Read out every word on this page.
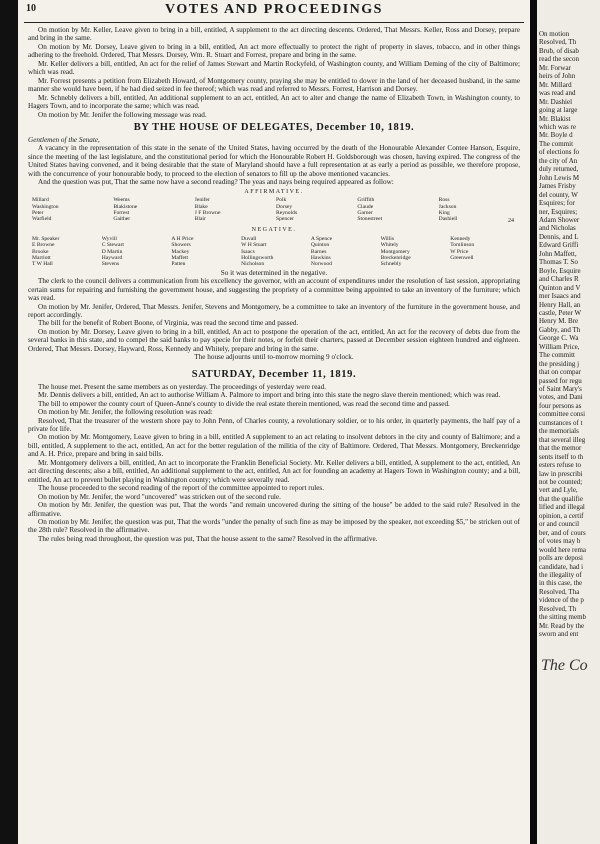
10	VOTES AND PROCEEDINGS

On motion by Mr. Keller, Leave given to bring in a bill, entitled, A supplement to the act directing descents. Ordered, That Messrs. Keller, Ross and Dorsey, prepare and bring in the same.

On motion by Mr. Dorsey, Leave given to bring in a bill, entitled, An act more effectually to protect the right of property in slaves, tobacco, and in other things adhering to the freehold. Ordered, That Messrs. Dorsey, Wm. R. Stuart and Forrest, prepare and bring in the same.

Mr. Keller delivers a bill, entitled, An act for the relief of James Stewart and Martin Rockyfeld, of Washington county, and William Deming of the city of Baltimore; which was read.

Mr. Forrest presents a petition from Elizabeth Howard, of Montgomery county, praying she may be entitled to dower in the land of her deceased husband, in the same manner she would have been, if he had died seized in fee thereof; which was read and referred to Messrs. Forrest, Harrison and Dorsey.

Mr. Schnebly delivers a bill, entitled, An additional supplement to an act, entitled, An act to alter and change the name of Elizabeth Town, in Washington county, to Hagers Town, and to incorporate the same; which was read.

On motion by Mr. Jenifer the following message was read.

BY THE HOUSE OF DELEGATES, December 10, 1819.

Gentlemen of the Senate,

A vacancy in the representation of this state in the senate of the United States, having occurred by the death of the Honourable Alexander Contee Hanson, Esquire, since the meeting of the last legislature, and the constitutional period for which the Honourable Robert H. Goldsborough was chosen, having expired. The congress of the United States having convened, and it being desirable that the state of Maryland should have a full representation at as early a period as possible, we therefore propose, with the concurrence of your honourable body, to proceed to the election of senators to fill up the above mentioned vacancies.

And the question was put, That the same now have a second reading? The yeas and nays being required appeared as follow:

AFFIRMATIVE.
Millard	Weems	Jenifer	Polk	Griffith	Ross
Washington	Blakistone	Blake	Dorsey	Claude	Jackson
Peter	Forrest	J F Browne	Reynolds	Garner	King
Warfield	Gaither	Blair	Spencer	Stonestreet	Dashiell	24
NEGATIVE.
Mr. Speaker	Wyvill	A H Price	Duvall	A Spence	Willis	Kennedy
E Browne	C Stewart	Showers	W H Stuart	Quinton	Whitely	Tomlinson
Brooke	D Martin	Mackey	Isaacs	Barnes	Montgomery	W Price
Marriott	Hayward	Maffett	Hollingsworth	Hawkins	Breckenridge	Greenwell
T W Hall	Stevens	Patten	Nicholson	Norwood	Schnebly

So it was determined in the negative.

The clerk to the council delivers a communication from his excellency the governor, with an account of expenditures under the resolution of last session, appropriating certain sums for repairing and furnishing the government house, and suggesting the propriety of a committee being appointed to take an inventory of the furniture; which was read.

On motion by Mr. Jenifer, Ordered, That Messrs. Jenifer, Stevens and Montgomery, be a committee to take an inventory of the furniture in the government house, and report accordingly.

The bill for the benefit of Robert Boone, of Virginia, was read the second time and passed.

On motion by Mr. Dorsey, Leave given to bring in a bill, entitled, An act to postpone the operation of the act, entitled, An act for the recovery of debts due from the several banks in this state, and to compel the said banks to pay specie for their notes, or forfeit their charters, passed at December session eighteen hundred and eighteen. Ordered, That Messrs. Dorsey, Hayward, Ross, Kennedy and Whitely, prepare and bring in the same.

The house adjourns until to-morrow morning 9 o'clock.

SATURDAY, December 11, 1819.

The house met. Present the same members as on yesterday. The proceedings of yesterday were read.

Mr. Dennis delivers a bill, entitled, An act to authorise William A. Palmore to import and bring into this state the negro slave therein mentioned; which was read.

The bill to empower the county court of Queen-Anne's county to divide the real estate therein mentioned, was read the second time and passed.

On motion by Mr. Jenifer, the following resolution was read:

Resolved, That the treasurer of the western shore pay to John Penn, of Charles county, a revolutionary soldier, or to his order, in quarterly payments, the half pay of a private for life.

On motion by Mr. Montgomery, Leave given to bring in a bill, entitled A supplement to an act relating to insolvent debtors in the city and county of Baltimore; and a bill, entitled, A supplement to the act, entitled, An act for the better regulation of the militia of the city of Baltimore. Ordered, That Messrs. Montgomery, Breckenridge and A. H. Price, prepare and bring in said bills.

Mr. Montgomery delivers a bill, entitled, An act to incorporate the Franklin Beneficial Society. Mr. Keller delivers a bill, entitled, A supplement to the act, entitled, An act directing descents; also a bill, entitled, An additional supplement to the act, entitled, An act for founding an academy at Hagers Town in Washington county; and a bill, entitled, An act to prevent bullet playing in Washington county; which were severally read.

The house proceeded to the second reading of the report of the committee appointed to report rules.

On motion by Mr. Jenifer, the word "uncovered" was stricken out of the second rule.

On motion by Mr. Jenifer, the question was put, That the words "and remain uncovered during the sitting of the house" be added to the said rule? Resolved in the affirmative.

On motion by Mr. Jenifer, the question was put, That the words "under the penalty of such fine as may be imposed by the speaker, not exceeding $5," be stricken out of the 28th rule? Resolved in the affirmative.

The rules being read throughout, the question was put, That the house assent to the same? Resolved in the affirmative.

On motion
Resolved, Th
Brub, of disab
read the secon
Mr. Forwar
heirs of John
Mr. Millard
was read and
Mr. Dashiel
going at large
Mr. Blakist
which was re
Mr. Boyle d
The commit
of elections fo
the city of An
duly returned,
John Lewis M
James Frisby
del county, W
Esquires; for
ner, Esquires;
Adam Shower
and Nicholas
Dennis, and L
Edward Griffi
John Maffett,
Thomas T. So
Boyle, Esquire
and Charles R
Quinton and V
mer Isaacs and
Henry Hall, an
castle, Peter W
Henry M. Bre
Gabby, and Th
George C. Wa
William Price,
The committ
the presiding j
that on compar
passed for regu
of Saint Mary's
votes, and Dani
four persons as
committee consi
cumstances of t
the memorials
that several illeg
that the memor
sents itself to th
esters refuse to
law in prescribi
not be counted;
vert and Lyle,
that the qualifie
lified and illegal
opinion, a certif
or and council
ber, and of cours
of votes may b
would here rema
polls are deposi
candidate, had i
the illegality of
in this case, the
Resolved, Tha
vidence of the p
Resolved, Th
the sitting memb
Mr. Read by the
sworn and ent
The Co
